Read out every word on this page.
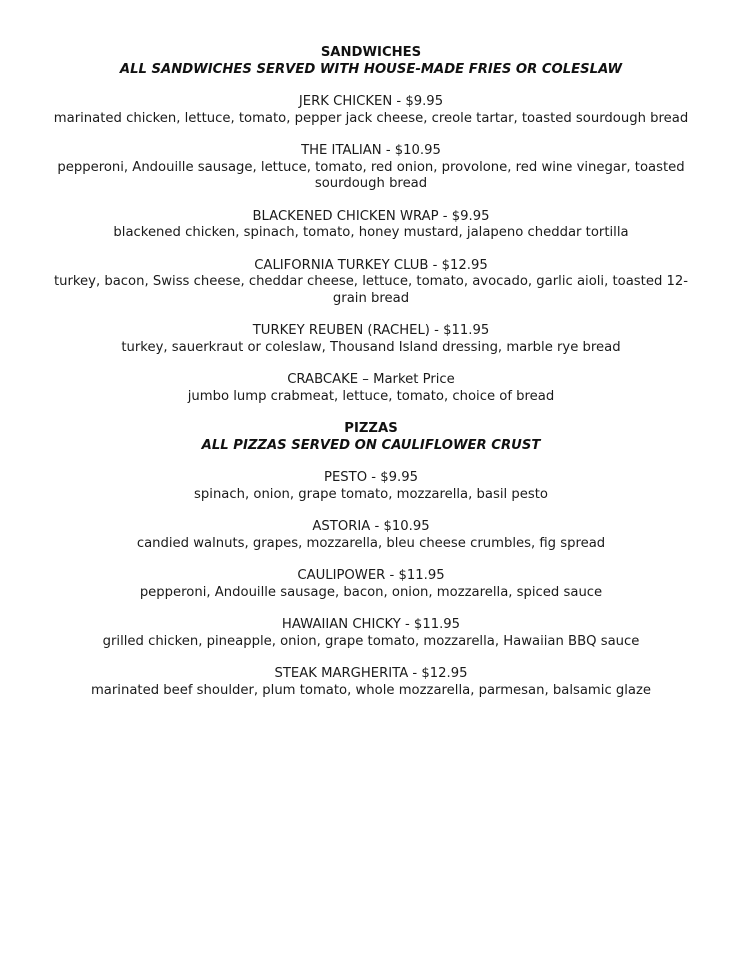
SANDWICHES
ALL SANDWICHES SERVED WITH HOUSE-MADE FRIES OR COLESLAW
JERK CHICKEN - $9.95
marinated chicken, lettuce, tomato, pepper jack cheese, creole tartar, toasted sourdough bread
THE ITALIAN - $10.95
pepperoni, Andouille sausage, lettuce, tomato, red onion, provolone, red wine vinegar, toasted sourdough bread
BLACKENED CHICKEN WRAP - $9.95
blackened chicken, spinach, tomato, honey mustard, jalapeno cheddar tortilla
CALIFORNIA TURKEY CLUB - $12.95
turkey, bacon, Swiss cheese, cheddar cheese, lettuce, tomato, avocado, garlic aioli, toasted 12-grain bread
TURKEY REUBEN (RACHEL) - $11.95
turkey, sauerkraut or coleslaw, Thousand Island dressing, marble rye bread
CRABCAKE – Market Price
jumbo lump crabmeat, lettuce, tomato, choice of bread
PIZZAS
ALL PIZZAS SERVED ON CAULIFLOWER CRUST
PESTO - $9.95
spinach, onion, grape tomato, mozzarella, basil pesto
ASTORIA - $10.95
candied walnuts, grapes, mozzarella, bleu cheese crumbles, fig spread
CAULIPOWER - $11.95
pepperoni, Andouille sausage, bacon, onion, mozzarella, spiced sauce
HAWAIIAN CHICKY - $11.95
grilled chicken, pineapple, onion, grape tomato, mozzarella, Hawaiian BBQ sauce
STEAK MARGHERITA - $12.95
marinated beef shoulder, plum tomato, whole mozzarella, parmesan, balsamic glaze
